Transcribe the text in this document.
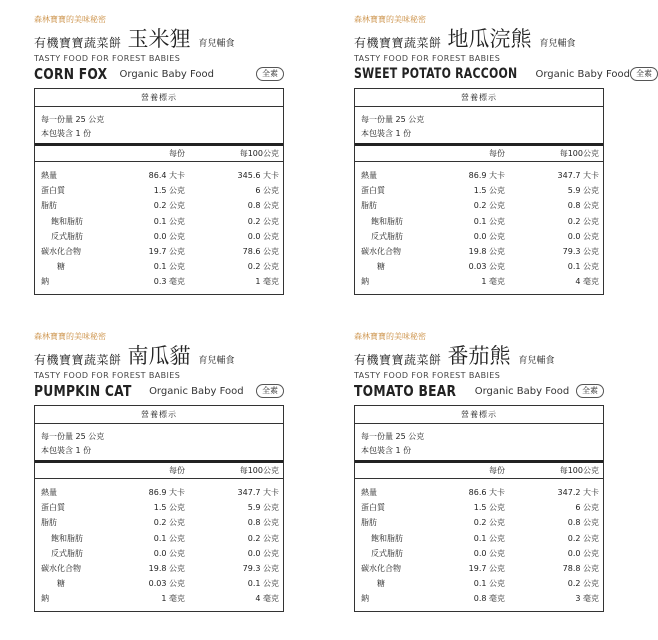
森林寶寶的美味秘密
有機寶寶蔬菜餅 玉米狸 育兒輔食
TASTY FOOD FOR FOREST BABIES
CORN FOX Organic Baby Food	全素
營養標示
每一份量 25 公克
本包裝含 1 份
每份	每100公克
熱量	86.4 大卡	345.6 大卡
蛋白質	1.5 公克	6 公克
脂肪	0.2 公克	0.8 公克
飽和脂肪	0.1 公克	0.2 公克
反式脂肪	0.0 公克	0.0 公克
碳水化合物	19.7 公克	78.6 公克
糖	0.1 公克	0.2 公克
鈉	0.3 毫克	1 毫克
森林寶寶的美味秘密
有機寶寶蔬菜餅 地瓜浣熊 育兒輔食
TASTY FOOD FOR FOREST BABIES
SWEET POTATO RACCOON Organic Baby Food 全素
營養標示
每一份量 25 公克
本包裝含 1 份
每份	每100公克
熱量	86.9 大卡	347.7 大卡
蛋白質	1.5 公克	5.9 公克
脂肪	0.2 公克	0.8 公克
飽和脂肪	0.1 公克	0.2 公克
反式脂肪	0.0 公克	0.0 公克
碳水化合物	19.8 公克	79.3 公克
糖	0.03 公克	0.1 公克
鈉	1 毫克	4 毫克
森林寶寶的美味秘密
有機寶寶蔬菜餅 南瓜貓 育兒輔食
TASTY FOOD FOR FOREST BABIES
PUMPKIN CAT Organic Baby Food	全素
營養標示
每一份量 25 公克
本包裝含 1 份
每份	每100公克
熱量	86.9 大卡	347.7 大卡
蛋白質	1.5 公克	5.9 公克
脂肪	0.2 公克	0.8 公克
飽和脂肪	0.1 公克	0.2 公克
反式脂肪	0.0 公克	0.0 公克
碳水化合物	19.8 公克	79.3 公克
糖	0.03 公克	0.1 公克
鈉	1 毫克	4 毫克
森林寶寶的美味秘密
有機寶寶蔬菜餅 番茄熊 育兒輔食
TASTY FOOD FOR FOREST BABIES
TOMATO BEAR Organic Baby Food	全素
營養標示
每一份量 25 公克
本包裝含 1 份
每份	每100公克
熱量	86.6 大卡	347.2 大卡
蛋白質	1.5 公克	6 公克
脂肪	0.2 公克	0.8 公克
飽和脂肪	0.1 公克	0.2 公克
反式脂肪	0.0 公克	0.0 公克
碳水化合物	19.7 公克	78.8 公克
糖	0.1 公克	0.2 公克
鈉	0.8 毫克	3 毫克
